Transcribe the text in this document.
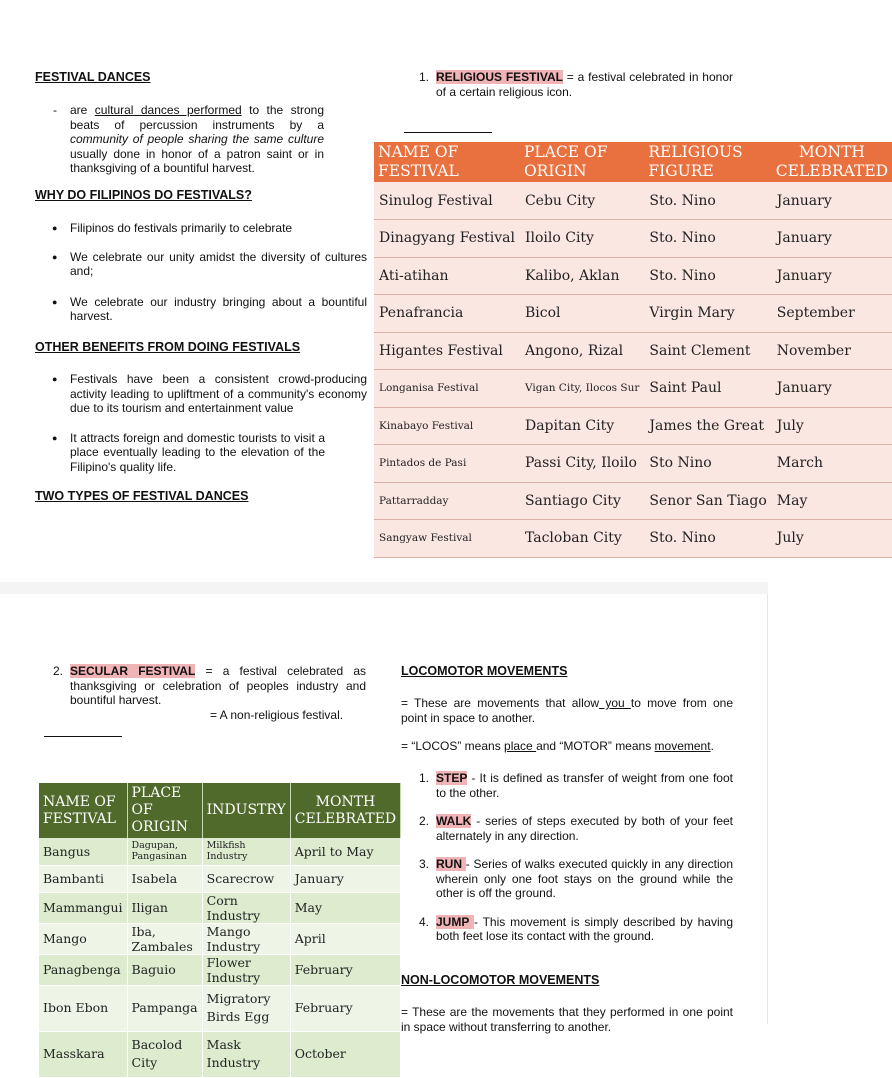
FESTIVAL DANCES
- are cultural dances performed to the strong beats of percussion instruments by a community of people sharing the same culture usually done in honor of a patron saint or in thanksgiving of a bountiful harvest.
WHY DO FILIPINOS DO FESTIVALS?
● Filipinos do festivals primarily to celebrate
● We celebrate our unity amidst the diversity of cultures and;
● We celebrate our industry bringing about a bountiful harvest.
OTHER BENEFITS FROM DOING FESTIVALS
● Festivals have been a consistent crowd-producing activity leading to upliftment of a community's economy due to its tourism and entertainment value
● It attracts foreign and domestic tourists to visit a place eventually leading to the elevation of the Filipino's quality life.
TWO TYPES OF FESTIVAL DANCES
1. RELIGIOUS FESTIVAL = a festival celebrated in honor of a certain religious icon.
NAME OF FESTIVAL	PLACE OF ORIGIN	RELIGIOUS FIGURE	MONTH CELEBRATED
Sinulog Festival	Cebu City	Sto. Nino	January
Dinagyang Festival	Iloilo City	Sto. Nino	January
Ati-atihan	Kalibo, Aklan	Sto. Nino	January
Penafrancia	Bicol	Virgin Mary	September
Higantes Festival	Angono, Rizal	Saint Clement	November
Longanisa Festival	Vigan City, Ilocos Sur	Saint Paul	January
Kinabayo Festival	Dapitan City	James the Great	July
Pintados de Pasi	Passi City, Iloilo	Sto Nino	March
Pattarradday	Santiago City	Senor San Tiago	May
Sangyaw Festival	Tacloban City	Sto. Nino	July
2. SECULAR FESTIVAL = a festival celebrated as thanksgiving or celebration of peoples industry and bountiful harvest.
= A non-religious festival.
NAME OF FESTIVAL	PLACE OF ORIGIN	INDUSTRY	MONTH CELEBRATED
Bangus	Dagupan, Pangasinan	Milkfish Industry	April to May
Bambanti	Isabela	Scarecrow	January
Mammangui	Iligan	Corn Industry	May
Mango	Iba, Zambales	Mango Industry	April
Panagbenga	Baguio	Flower Industry	February
Ibon Ebon	Pampanga	Migratory Birds Egg	February
Masskara	Bacolod City	Mask Industry	October
LOCOMOTOR MOVEMENTS
= These are movements that allow you to move from one point in space to another.
= “LOCOS” means place and “MOTOR” means movement.
1. STEP - It is defined as transfer of weight from one foot to the other.
2. WALK - series of steps executed by both of your feet alternately in any direction.
3. RUN - Series of walks executed quickly in any direction wherein only one foot stays on the ground while the other is off the ground.
4. JUMP - This movement is simply described by having both feet lose its contact with the ground.
NON-LOCOMOTOR MOVEMENTS
= These are the movements that they performed in one point in space without transferring to another.
